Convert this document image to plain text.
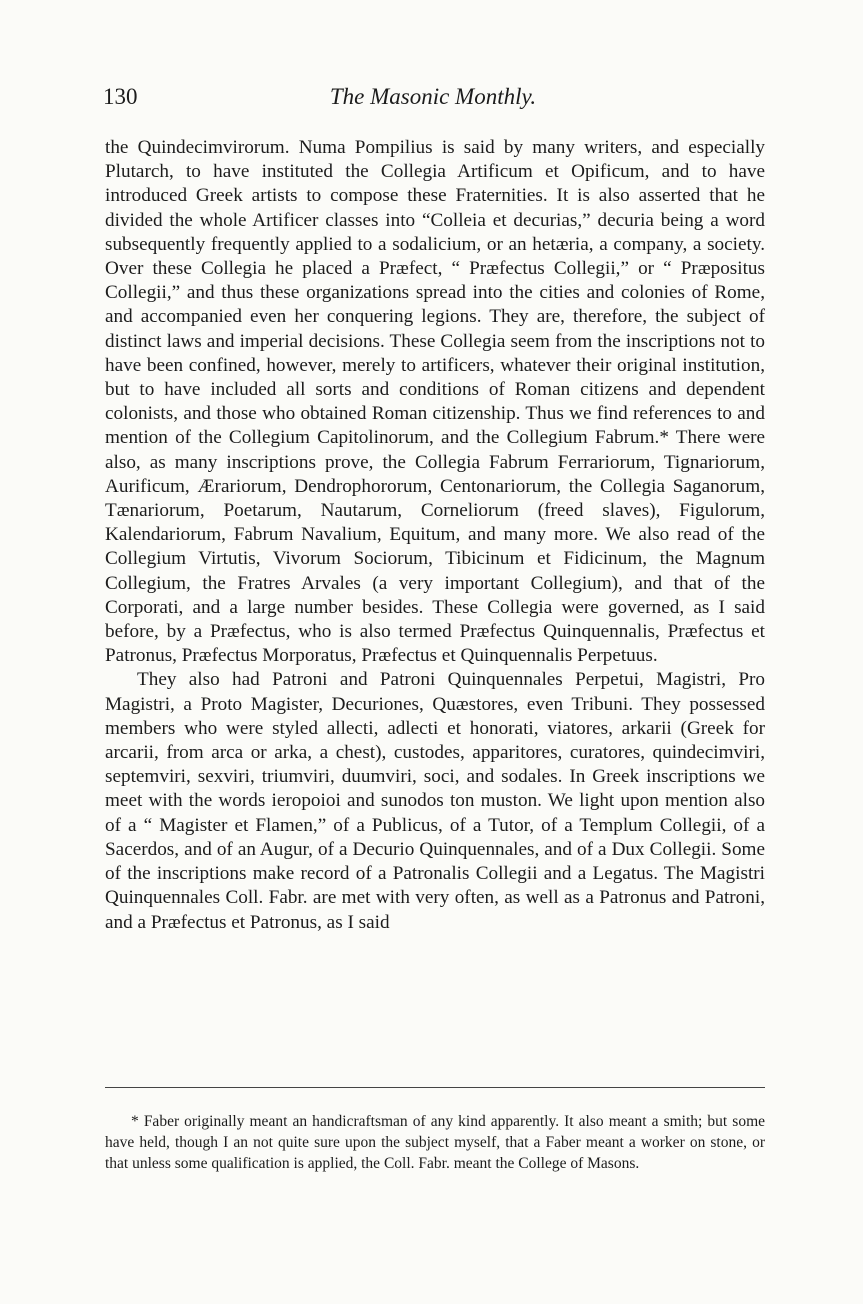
130	The Masonic Monthly.

the Quindecimvirorum. Numa Pompilius is said by many writers, and especially Plutarch, to have instituted the Collegia Artificum et Opificum, and to have introduced Greek artists to compose these Fraternities. It is also asserted that he divided the whole Artificer classes into “Colleia et decurias,” decuria being a word subsequently frequently applied to a sodalicium, or an hetæria, a company, a society. Over these Collegia he placed a Præfect, “ Præfectus Collegii,” or “ Præpositus Collegii,” and thus these organizations spread into the cities and colonies of Rome, and accompanied even her conquering legions. They are, therefore, the subject of distinct laws and imperial decisions. These Collegia seem from the inscriptions not to have been confined, however, merely to artificers, whatever their original institution, but to have included all sorts and conditions of Roman citizens and dependent colonists, and those who obtained Roman citizenship. Thus we find references to and mention of the Collegium Capitolinorum, and the Collegium Fabrum.* There were also, as many inscriptions prove, the Collegia Fabrum Ferrariorum, Tignariorum, Aurificum, Ærariorum, Dendrophororum, Centonariorum, the Collegia Saganorum, Tænariorum, Poetarum, Nautarum, Corneliorum (freed slaves), Figulorum, Kalendariorum, Fabrum Navalium, Equitum, and many more. We also read of the Collegium Virtutis, Vivorum Sociorum, Tibicinum et Fidicinum, the Magnum Collegium, the Fratres Arvales (a very important Collegium), and that of the Corporati, and a large number besides. These Collegia were governed, as I said before, by a Præfectus, who is also termed Præfectus Quinquennalis, Præfectus et Patronus, Præfectus Morporatus, Præfectus et Quinquennalis Perpetuus.

They also had Patroni and Patroni Quinquennales Perpetui, Magistri, Pro Magistri, a Proto Magister, Decuriones, Quæstores, even Tribuni. They possessed members who were styled allecti, adlecti et honorati, viatores, arkarii (Greek for arcarii, from arca or arka, a chest), custodes, apparitores, curatores, quindecimviri, septemviri, sexviri, triumviri, duumviri, soci, and sodales. In Greek inscriptions we meet with the words ieropoioi and sunodos ton muston. We light upon mention also of a “ Magister et Flamen,” of a Publicus, of a Tutor, of a Templum Collegii, of a Sacerdos, and of an Augur, of a Decurio Quinquennales, and of a Dux Collegii. Some of the inscriptions make record of a Patronalis Collegii and a Legatus. The Magistri Quinquennales Coll. Fabr. are met with very often, as well as a Patronus and Patroni, and a Præfectus et Patronus, as I said

* Faber originally meant an handicraftsman of any kind apparently. It also meant a smith; but some have held, though I an not quite sure upon the subject myself, that a Faber meant a worker on stone, or that unless some qualification is applied, the Coll. Fabr. meant the College of Masons.
